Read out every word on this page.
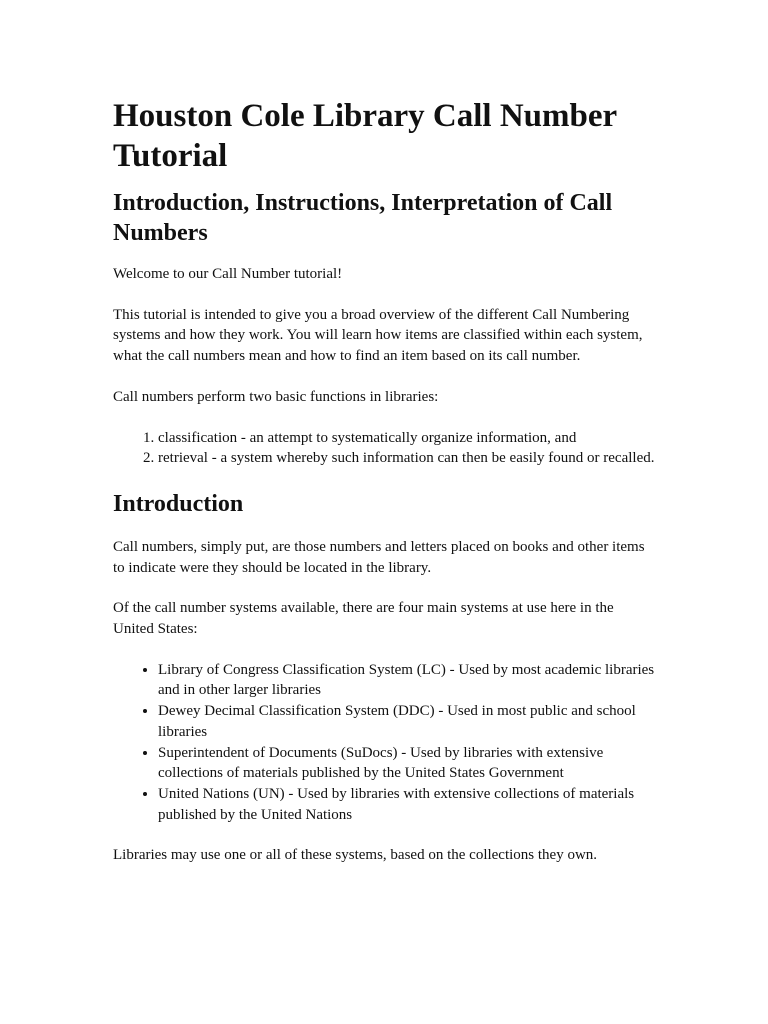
Houston Cole Library Call Number Tutorial
Introduction, Instructions, Interpretation of Call Numbers

Welcome to our Call Number tutorial!

This tutorial is intended to give you a broad overview of the different Call Numbering systems and how they work. You will learn how items are classified within each system, what the call numbers mean and how to find an item based on its call number.

Call numbers perform two basic functions in libraries:

1. classification - an attempt to systematically organize information, and
2. retrieval - a system whereby such information can then be easily found or recalled.
Introduction

Call numbers, simply put, are those numbers and letters placed on books and other items to indicate were they should be located in the library.

Of the call number systems available, there are four main systems at use here in the United States:

• Library of Congress Classification System (LC) - Used by most academic libraries and in other larger libraries
• Dewey Decimal Classification System (DDC) - Used in most public and school libraries
• Superintendent of Documents (SuDocs) - Used by libraries with extensive collections of materials published by the United States Government
• United Nations (UN) - Used by libraries with extensive collections of materials published by the United Nations

Libraries may use one or all of these systems, based on the collections they own.
